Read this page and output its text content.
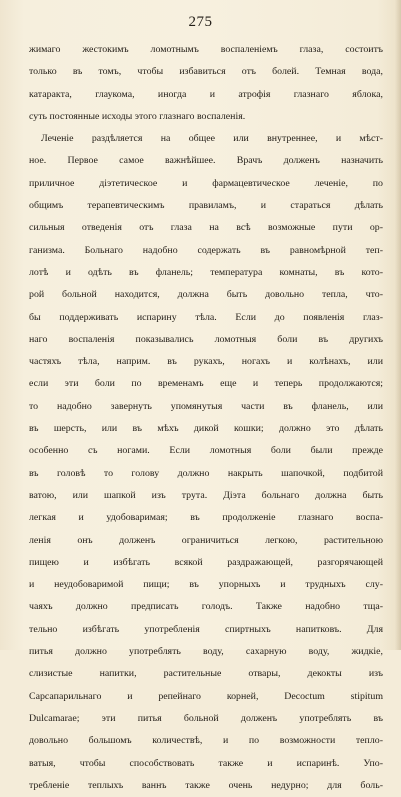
275
жимаго жестокимъ ломотнымъ воспаленіемъ глаза, состоитъ
только въ томъ, чтобы избавиться отъ болей. Темная вода,
катаракта, глаукома, иногда и атрофія глазнаго яблока,
суть постоянные исходы этого глазнаго воспаленія.
Леченіе раздѣляется на общее или внутреннее, и мѣст-
ное. Первое самое важнѣйшее. Врачъ долженъ назначить
приличное діэтетическое и фармацевтическое леченіе, по
общимъ терапевтическимъ правиламъ, и стараться дѣлать
сильныя отведенія отъ глаза на всѣ возможные пути ор-
ганизма. Больнаго надобно содержать въ равномѣрной теп-
лотѣ и одѣть въ фланель; температура комнаты, въ кото-
рой больной находится, должна быть довольно тепла, что-
бы поддерживать испарину тѣла. Если до появленія глаз-
наго воспаленія показывались ломотныя боли въ другихъ
частяхъ тѣла, наприм. въ рукахъ, ногахъ и колѣнахъ, или
если эти боли по временамъ еще и теперь продолжаются;
то надобно завернуть упомянутыя части въ фланель, или
въ шерсть, или въ мѣхъ дикой кошки; должно это дѣлать
особенно съ ногами. Если ломотныя боли были прежде
въ головѣ то голову должно накрыть шапочкой, подбитой
ватою, или шапкой изъ трута. Діэта больнаго должна быть
легкая и удобоваримая; въ продолженіе глазнаго воспа-
ленія онъ долженъ ограничиться легкою, растительною
пищею и избѣгать всякой раздражающей, разгорячающей
и неудобоваримой пищи; въ упорныхъ и трудныхъ слу-
чаяхъ должно предписать голодъ. Также надобно тща-
тельно избѣгать употребленія спиртныхъ напитковъ. Для
питья должно употреблять воду, сахарную воду, жидкіе,
слизистые напитки, растительные отвары, декокты изъ
Сарсапарильнаго и репейнаго корней, Decoctum stipitum
Dulcamarae; эти питья больной долженъ употреблять въ
довольно большомъ количествѣ, и по возможности тепло-
ватыя, чтобы способствовать также и испаринѣ. Упо-
требленіе теплыхъ ваннъ также очень недурно; для боль-
